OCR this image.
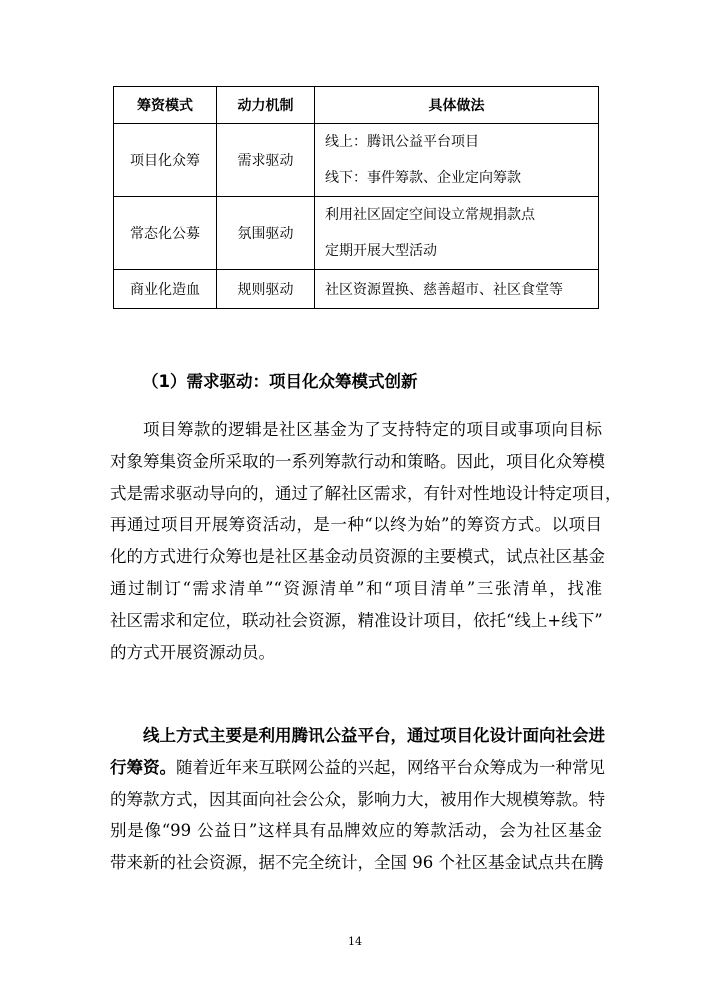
筹资模式	动力机制	具体做法
项目化众筹	需求驱动	线上：腾讯公益平台项目
线下：事件筹款、企业定向筹款

常态化公募	氛围驱动	利用社区固定空间设立常规捐款点
定期开展大型活动

商业化造血	规则驱动	社区资源置换、慈善超市、社区食堂等
（1）需求驱动：项目化众筹模式创新
项目筹款的逻辑是社区基金为了支持特定的项目或事项向目标
对象筹集资金所采取的一系列筹款行动和策略。因此，项目化众筹模
式是需求驱动导向的，通过了解社区需求，有针对性地设计特定项目，
再通过项目开展筹资活动，是一种“以终为始”的筹资方式。以项目
化的方式进行众筹也是社区基金动员资源的主要模式，试点社区基金
通过制订“需求清单”“资源清单”和“项目清单”三张清单，找准
社区需求和定位，联动社会资源，精准设计项目，依托“线上+线下”
的方式开展资源动员。
线上方式主要是利用腾讯公益平台，通过项目化设计面向社会进
行筹资。随着近年来互联网公益的兴起，网络平台众筹成为一种常见
的筹款方式，因其面向社会公众，影响力大，被用作大规模筹款。特
别是像“99 公益日”这样具有品牌效应的筹款活动，会为社区基金
带来新的社会资源，据不完全统计，全国 96 个社区基金试点共在腾
14
